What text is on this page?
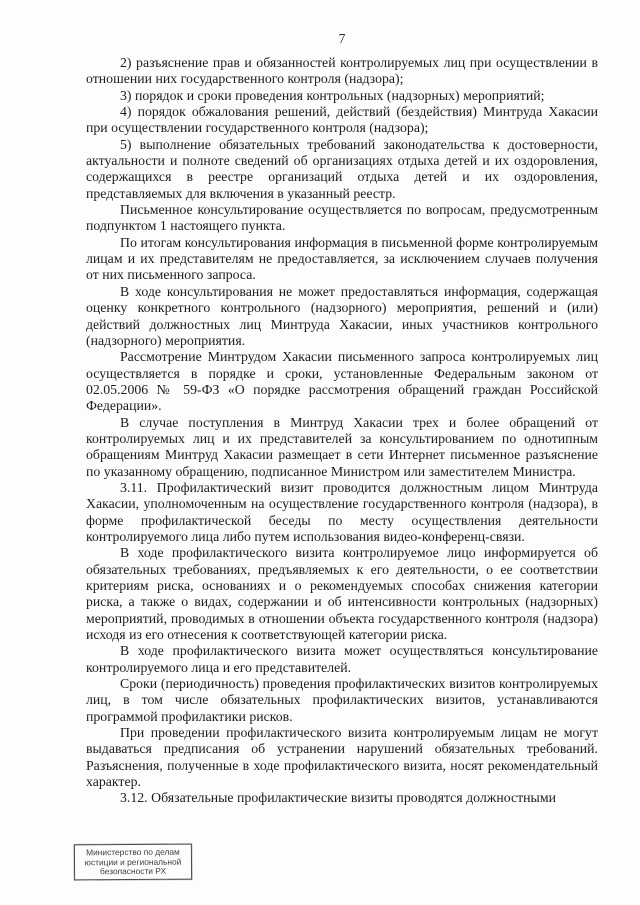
7

2) разъяснение прав и обязанностей контролируемых лиц при осуществлении в отношении них государственного контроля (надзора);

3) порядок и сроки проведения контрольных (надзорных) мероприятий;

4) порядок обжалования решений, действий (бездействия) Минтруда Хакасии при осуществлении государственного контроля (надзора);

5) выполнение обязательных требований законодательства к достоверности, актуальности и полноте сведений об организациях отдыха детей и их оздоровления, содержащихся в реестре организаций отдыха детей и их оздоровления, представляемых для включения в указанный реестр.

Письменное консультирование осуществляется по вопросам, предусмотренным подпунктом 1 настоящего пункта.

По итогам консультирования информация в письменной форме контролируемым лицам и их представителям не предоставляется, за исключением случаев получения от них письменного запроса.

В ходе консультирования не может предоставляться информация, содержащая оценку конкретного контрольного (надзорного) мероприятия, решений и (или) действий должностных лиц Минтруда Хакасии, иных участников контрольного (надзорного) мероприятия.

Рассмотрение Минтрудом Хакасии письменного запроса контролируемых лиц осуществляется в порядке и сроки, установленные Федеральным законом от 02.05.2006 № 59-ФЗ «О порядке рассмотрения обращений граждан Российской Федерации».

В случае поступления в Минтруд Хакасии трех и более обращений от контролируемых лиц и их представителей за консультированием по однотипным обращениям Минтруд Хакасии размещает в сети Интернет письменное разъяснение по указанному обращению, подписанное Министром или заместителем Министра.

3.11. Профилактический визит проводится должностным лицом Минтруда Хакасии, уполномоченным на осуществление государственного контроля (надзора), в форме профилактической беседы по месту осуществления деятельности контролируемого лица либо путем использования видео-конференц-связи.

В ходе профилактического визита контролируемое лицо информируется об обязательных требованиях, предъявляемых к его деятельности, о ее соответствии критериям риска, основаниях и о рекомендуемых способах снижения категории риска, а также о видах, содержании и об интенсивности контрольных (надзорных) мероприятий, проводимых в отношении объекта государственного контроля (надзора) исходя из его отнесения к соответствующей категории риска.

В ходе профилактического визита может осуществляться консультирование контролируемого лица и его представителей.

Сроки (периодичность) проведения профилактических визитов контролируемых лиц, в том числе обязательных профилактических визитов, устанавливаются программой профилактики рисков.

При проведении профилактического визита контролируемым лицам не могут выдаваться предписания об устранении нарушений обязательных требований. Разъяснения, полученные в ходе профилактического визита, носят рекомендательный характер.

3.12. Обязательные профилактические визиты проводятся должностными

Министерство по делам
юстиции и региональной
безопасности РХ
